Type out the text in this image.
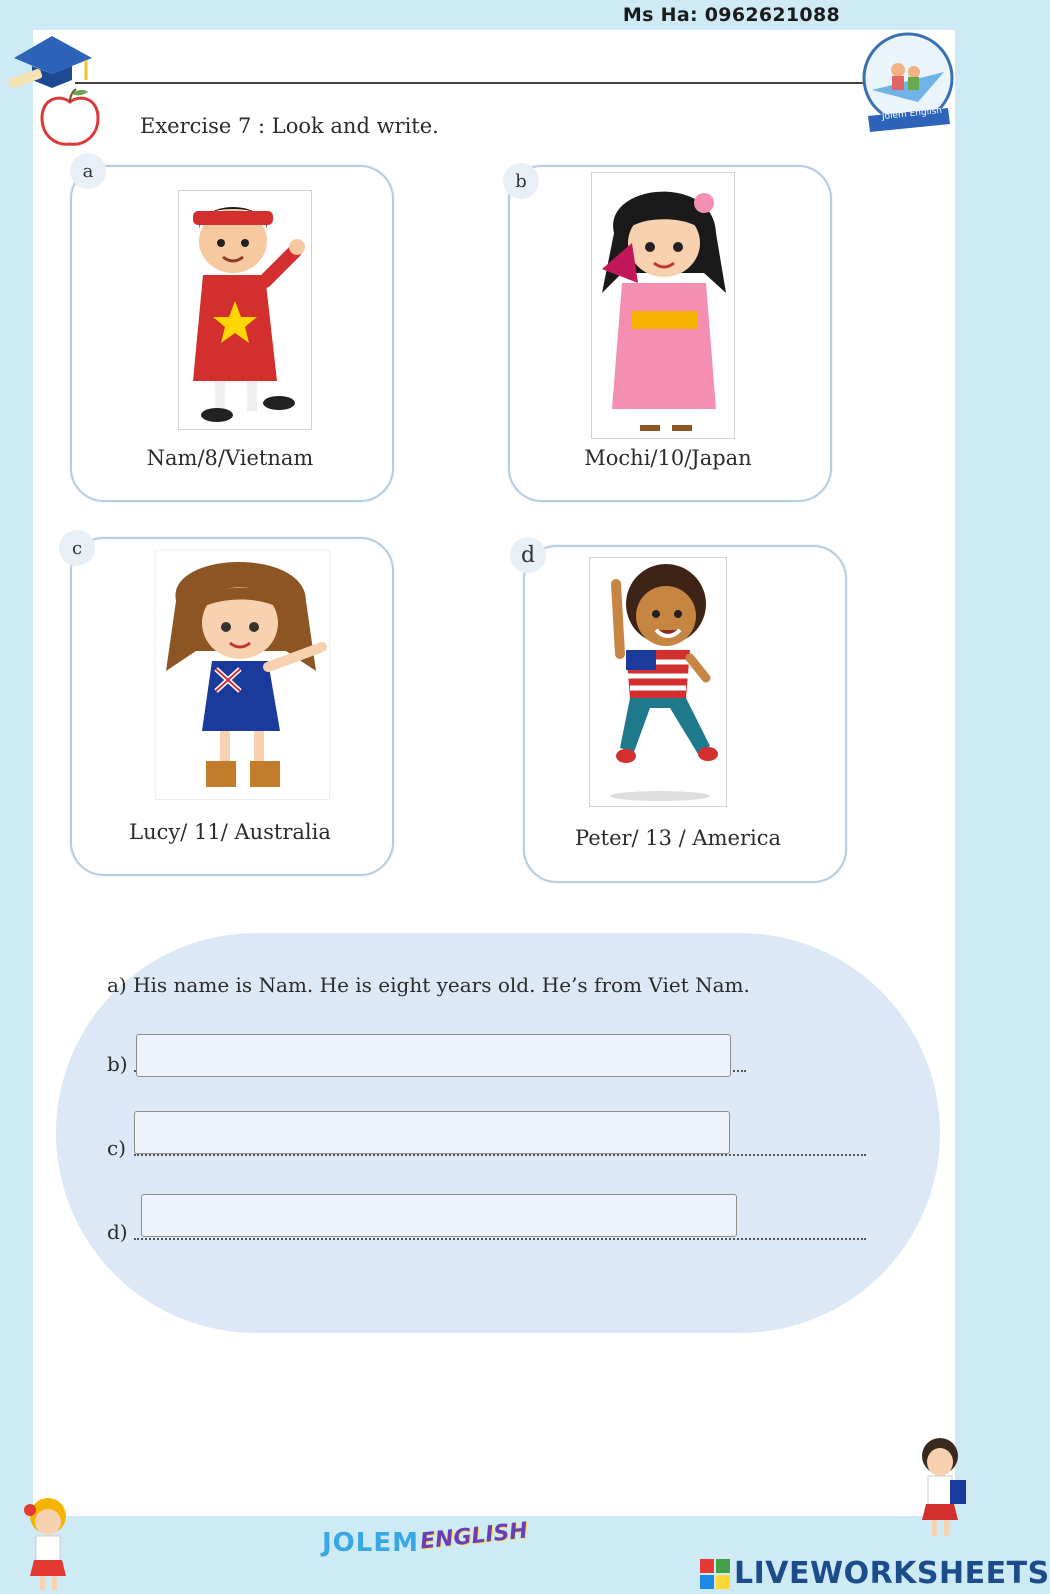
Ms Ha: 0962621088
Jolem English
Exercise 7 : Look and write.
a
Nam/8/Vietnam
b
Mochi/10/Japan
c
Lucy/ 11/ Australia
d
Peter/ 13 / America
a) His name is Nam. He is eight years old. He’s from Viet Nam.
b)
c)
d)
JOLEM ENGLISH
LIVEWORKSHEETS
